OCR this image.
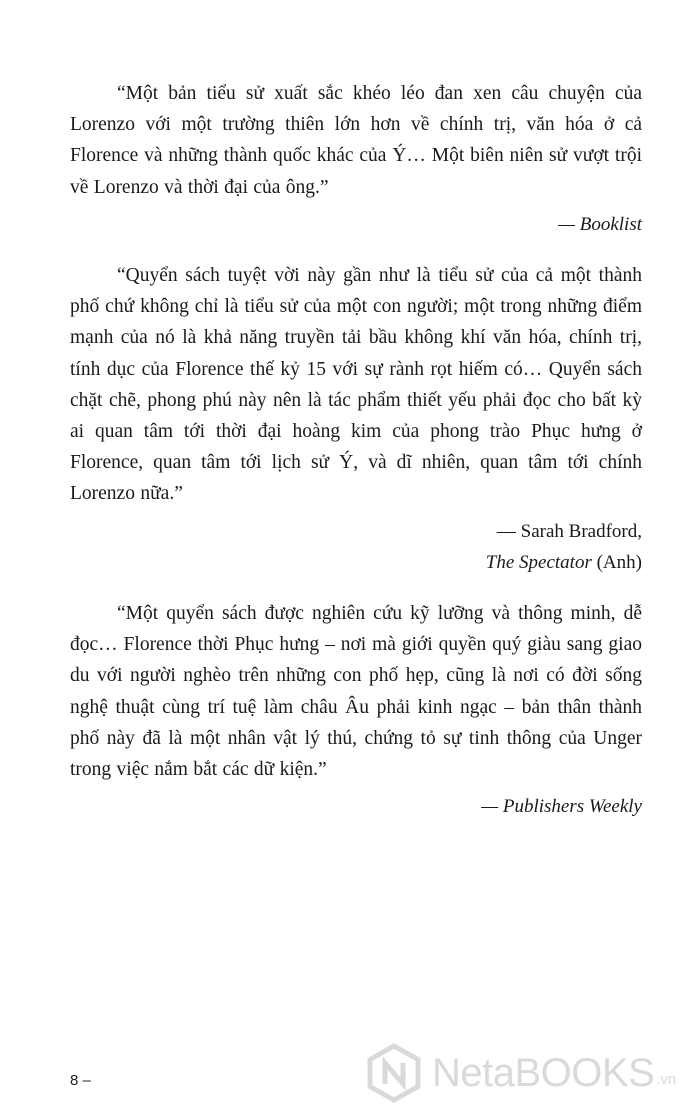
“Một bản tiểu sử xuất sắc khéo léo đan xen câu chuyện của Lorenzo với một trường thiên lớn hơn về chính trị, văn hóa ở cả Florence và những thành quốc khác của Ý… Một biên niên sử vượt trội về Lorenzo và thời đại của ông.”

— Booklist

“Quyển sách tuyệt vời này gần như là tiểu sử của cả một thành phố chứ không chỉ là tiểu sử của một con người; một trong những điểm mạnh của nó là khả năng truyền tải bầu không khí văn hóa, chính trị, tính dục của Florence thế kỷ 15 với sự rành rọt hiếm có… Quyển sách chặt chẽ, phong phú này nên là tác phẩm thiết yếu phải đọc cho bất kỳ ai quan tâm tới thời đại hoàng kim của phong trào Phục hưng ở Florence, quan tâm tới lịch sử Ý, và dĩ nhiên, quan tâm tới chính Lorenzo nữa.”

— Sarah Bradford,
The Spectator (Anh)

“Một quyển sách được nghiên cứu kỹ lưỡng và thông minh, dễ đọc… Florence thời Phục hưng – nơi mà giới quyền quý giàu sang giao du với người nghèo trên những con phố hẹp, cũng là nơi có đời sống nghệ thuật cùng trí tuệ làm châu Âu phải kinh ngạc – bản thân thành phố này đã là một nhân vật lý thú, chứng tỏ sự tinh thông của Unger trong việc nắm bắt các dữ kiện.”

— Publishers Weekly

8 –	NetaBOOKS .vn
